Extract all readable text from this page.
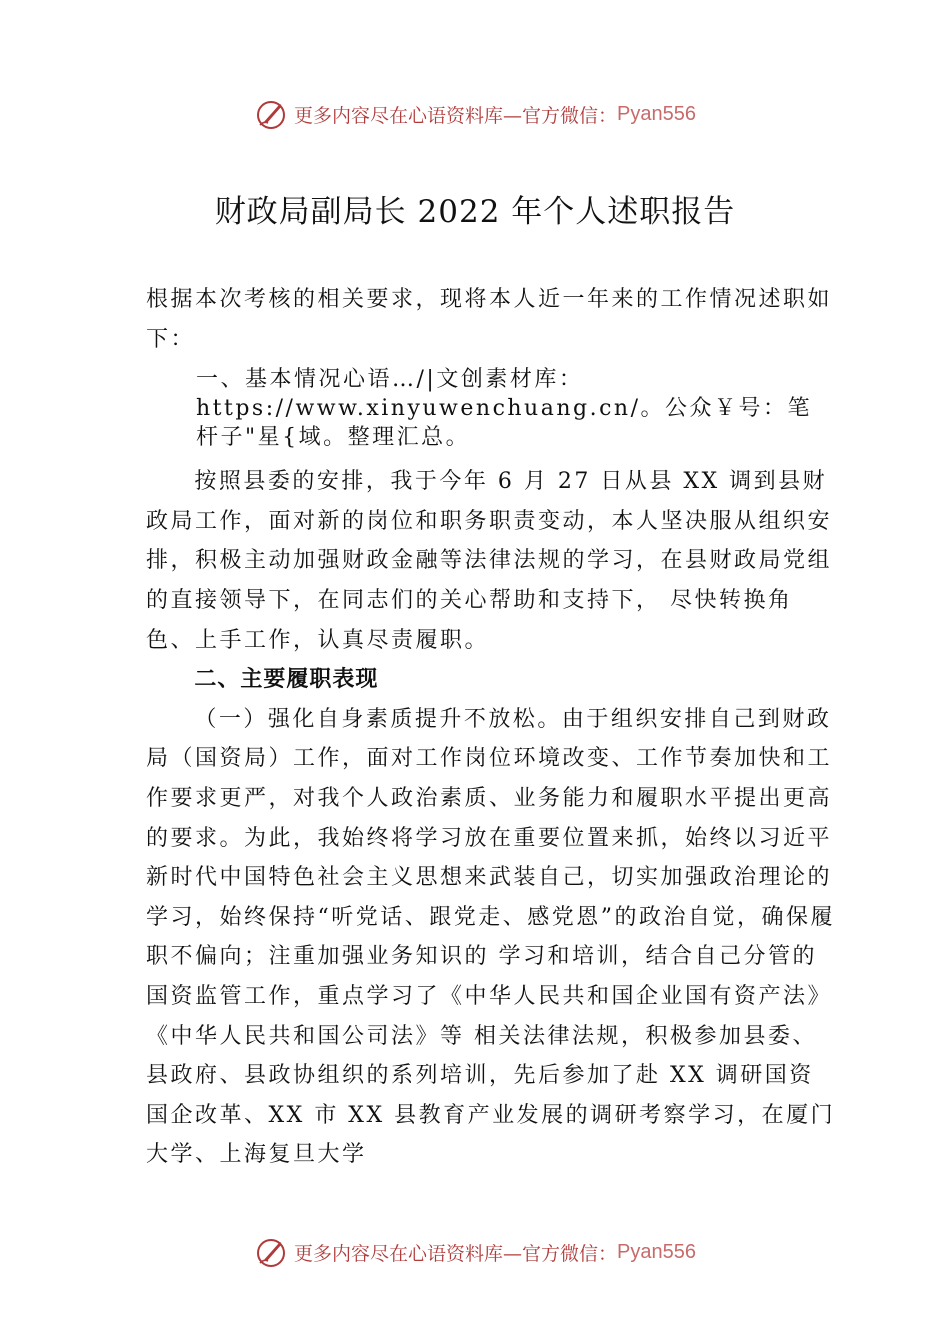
更多内容尽在心语资料库—官方微信： Pyan556
财政局副局长 2022 年个人述职报告

根据本次考核的相关要求，现将本人近一年来的工作情况述职如下：

一、基本情况心语…/|文创素材库：https://www.xinyuwenchuang.cn/。公众￥号：笔杆子"星{域。整理汇总。

按照县委的安排，我于今年 6 月 27 日从县 XX 调到县财政局工作，面对新的岗位和职务职责变动，本人坚决服从组织安排，积极主动加强财政金融等法律法规的学习，在县财政局党组的直接领导下，在同志们的关心帮助和支持下， 尽快转换角色、上手工作，认真尽责履职。

二、主要履职表现

（一）强化自身素质提升不放松。由于组织安排自己到财政局（国资局）工作，面对工作岗位环境改变、工作节奏加快和工作要求更严，对我个人政治素质、业务能力和履职水平提出更高的要求。为此，我始终将学习放在重要位置来抓，始终以习近平新时代中国特色社会主义思想来武装自己，切实加强政治理论的学习，始终保持“听党话、跟党走、感党恩”的政治自觉，确保履职不偏向；注重加强业务知识的 学习和培训，结合自己分管的国资监管工作，重点学习了《中华人民共和国企业国有资产法》《中华人民共和国公司法》等 相关法律法规，积极参加县委、县政府、县政协组织的系列培训，先后参加了赴 XX 调研国资国企改革、XX 市 XX 县教育产业发展的调研考察学习，在厦门大学、上海复旦大学

更多内容尽在心语资料库—官方微信： Pyan556
